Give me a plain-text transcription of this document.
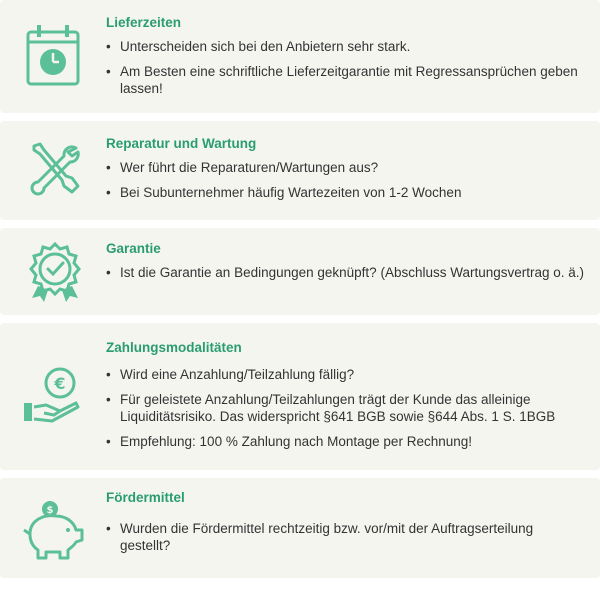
Lieferzeiten
• Unterscheiden sich bei den Anbietern sehr stark.
• Am Besten eine schriftliche Lieferzeitgarantie mit Regressansprüchen geben lassen!
Reparatur und Wartung
• Wer führt die Reparaturen/Wartungen aus?
• Bei Subunternehmer häufig Wartezeiten von 1-2 Wochen
Garantie
• Ist die Garantie an Bedingungen geknüpft? (Abschluss Wartungsvertrag o. ä.)
€
Zahlungsmodalitäten
• Wird eine Anzahlung/Teilzahlung fällig?
• Für geleistete Anzahlung/Teilzahlungen trägt der Kunde das alleinige Liquiditätsrisiko. Das widerspricht §641 BGB sowie §644 Abs. 1 S. 1BGB
• Empfehlung: 100 % Zahlung nach Montage per Rechnung!
$
Fördermittel
• Wurden die Fördermittel rechtzeitig bzw. vor/mit der Auftragserteilung gestellt?
